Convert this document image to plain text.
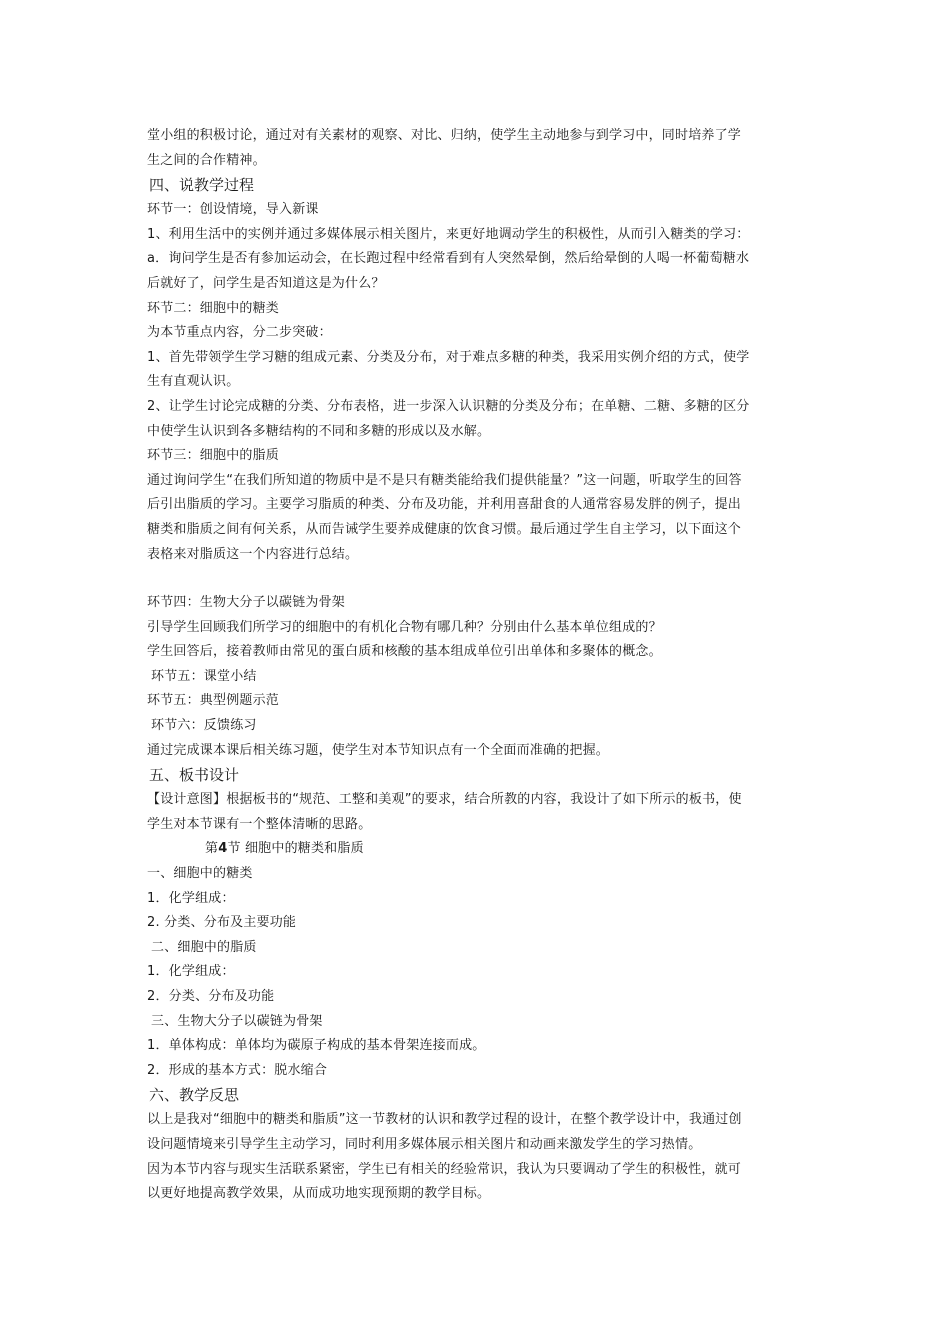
堂小组的积极讨论，通过对有关素材的观察、对比、归纳，使学生主动地参与到学习中，同时培养了学
生之间的合作精神。
四、说教学过程
环节一：创设情境，导入新课
1、利用生活中的实例并通过多媒体展示相关图片，来更好地调动学生的积极性，从而引入糖类的学习：
a．询问学生是否有参加运动会，在长跑过程中经常看到有人突然晕倒，然后给晕倒的人喝一杯葡萄糖水
后就好了，问学生是否知道这是为什么？
环节二：细胞中的糖类
为本节重点内容，分二步突破：
1、首先带领学生学习糖的组成元素、分类及分布，对于难点多糖的种类，我采用实例介绍的方式，使学
生有直观认识。
2、让学生讨论完成糖的分类、分布表格，进一步深入认识糖的分类及分布；在单糖、二糖、多糖的区分
中使学生认识到各多糖结构的不同和多糖的形成以及水解。
环节三：细胞中的脂质
通过询问学生“在我们所知道的物质中是不是只有糖类能给我们提供能量？”这一问题，听取学生的回答
后引出脂质的学习。主要学习脂质的种类、分布及功能，并利用喜甜食的人通常容易发胖的例子，提出
糖类和脂质之间有何关系，从而告诫学生要养成健康的饮食习惯。最后通过学生自主学习，以下面这个
表格来对脂质这一个内容进行总结。
环节四：生物大分子以碳链为骨架
引导学生回顾我们所学习的细胞中的有机化合物有哪几种？分别由什么基本单位组成的？
学生回答后，接着教师由常见的蛋白质和核酸的基本组成单位引出单体和多聚体的概念。
环节五：课堂小结
环节五：典型例题示范
环节六：反馈练习
通过完成课本课后相关练习题，使学生对本节知识点有一个全面而准确的把握。
五、板书设计
【设计意图】根据板书的“规范、工整和美观”的要求，结合所教的内容，我设计了如下所示的板书，使
学生对本节课有一个整体清晰的思路。
第4节 细胞中的糖类和脂质
一、细胞中的糖类
1．化学组成：
2. 分类、分布及主要功能
二、细胞中的脂质
1．化学组成：
2．分类、分布及功能
三、生物大分子以碳链为骨架
1．单体构成：单体均为碳原子构成的基本骨架连接而成。
2．形成的基本方式：脱水缩合
六、教学反思
以上是我对“细胞中的糖类和脂质”这一节教材的认识和教学过程的设计，在整个教学设计中，我通过创
设问题情境来引导学生主动学习，同时利用多媒体展示相关图片和动画来激发学生的学习热情。
因为本节内容与现实生活联系紧密，学生已有相关的经验常识，我认为只要调动了学生的积极性，就可
以更好地提高教学效果，从而成功地实现预期的教学目标。
